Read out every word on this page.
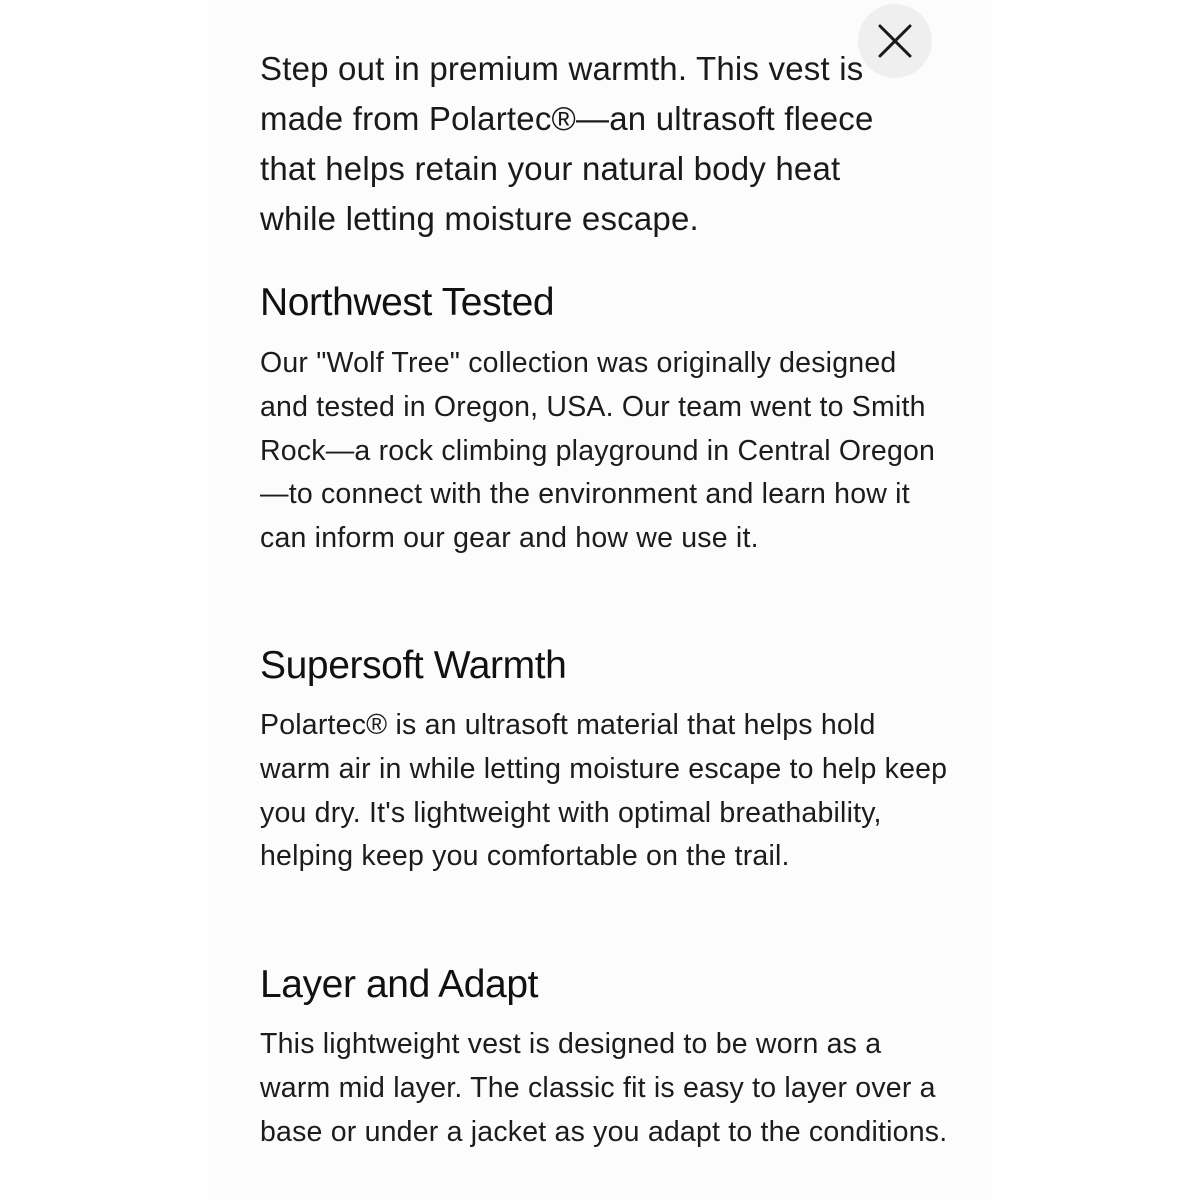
Step out in premium warmth. This vest is made from Polartec®—an ultrasoft fleece that helps retain your natural body heat while letting moisture escape.

Northwest Tested

Our "Wolf Tree" collection was originally designed and tested in Oregon, USA. Our team went to Smith Rock—a rock climbing playground in Central Oregon—to connect with the environment and learn how it can inform our gear and how we use it.

Supersoft Warmth

Polartec® is an ultrasoft material that helps hold warm air in while letting moisture escape to help keep you dry. It's lightweight with optimal breathability, helping keep you comfortable on the trail.

Layer and Adapt

This lightweight vest is designed to be worn as a warm mid layer. The classic fit is easy to layer over a base or under a jacket as you adapt to the conditions.
